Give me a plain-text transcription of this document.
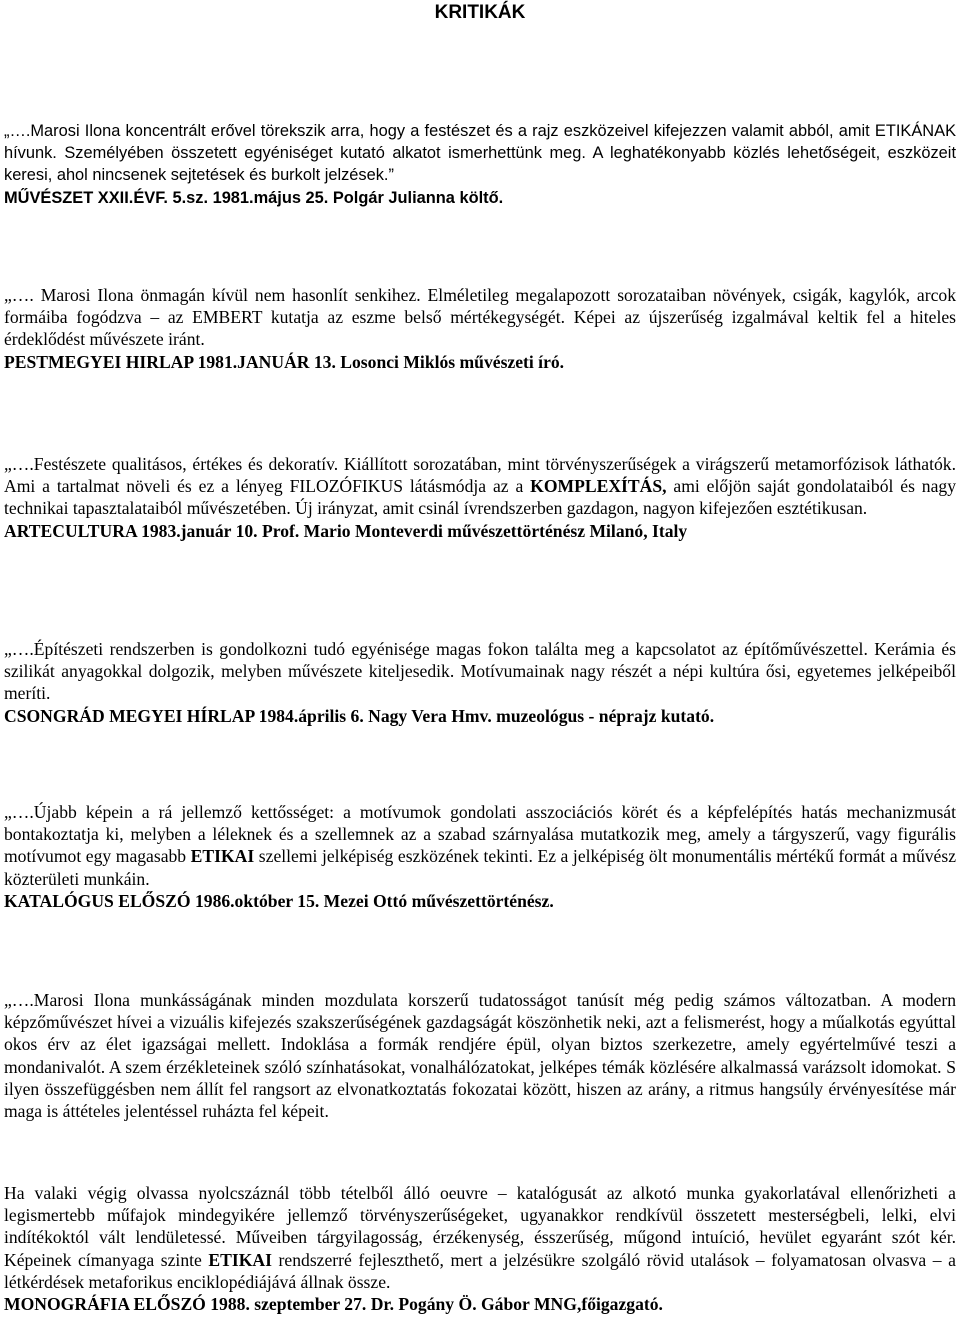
KRITIKÁK

„….Marosi Ilona koncentrált erővel törekszik arra, hogy a festészet és a rajz eszközeivel kifejezzen valamit abból, amit ETIKÁNAK hívunk. Személyében összetett egyéniséget kutató alkatot ismerhettünk meg. A leghatékonyabb közlés lehetőségeit, eszközeit keresi, ahol nincsenek sejtetések és burkolt jelzések.”

MŰVÉSZET XXII.ÉVF. 5.sz. 1981.május 25. Polgár Julianna költő.

„…. Marosi Ilona önmagán kívül nem hasonlít senkihez. Elméletileg megalapozott sorozataiban növények, csigák, kagylók, arcok formáiba fogódzva – az EMBERT kutatja az eszme belső mértékegységét. Képei az újszerűség izgalmával keltik fel a hiteles érdeklődést művészete iránt.

PESTMEGYEI HIRLAP 1981.JANUÁR 13. Losonci Miklós művészeti író.

„….Festészete qualitásos, értékes és dekoratív. Kiállított sorozatában, mint törvényszerűségek a virágszerű metamorfózisok láthatók. Ami a tartalmat növeli és ez a lényeg FILOZÓFIKUS látásmódja az a KOMPLEXÍTÁS, ami előjön saját gondolataiból és nagy technikai tapasztalataiból művészetében. Új irányzat, amit csinál ívrendszerben gazdagon, nagyon kifejezően esztétikusan.

ARTECULTURA 1983.január 10. Prof. Mario Monteverdi művészettörténész Milanó, Italy

„….Építészeti rendszerben is gondolkozni tudó egyénisége magas fokon találta meg a kapcsolatot az építőművészettel. Kerámia és szilikát anyagokkal dolgozik, melyben művészete kiteljesedik. Motívumainak nagy részét a népi kultúra ősi, egyetemes jelképeiből meríti.

CSONGRÁD MEGYEI HÍRLAP 1984.április 6. Nagy Vera Hmv. muzeológus - néprajz kutató.

„….Újabb képein a rá jellemző kettősséget: a motívumok gondolati asszociációs körét és a képfelépítés hatás mechanizmusát bontakoztatja ki, melyben a léleknek és a szellemnek az a szabad szárnyalása mutatkozik meg, amely a tárgyszerű, vagy figurális motívumot egy magasabb ETIKAI szellemi jelképiség eszközének tekinti. Ez a jelképiség ölt monumentális mértékű formát a művész közterületi munkáin.

KATALÓGUS ELŐSZÓ 1986.október 15. Mezei Ottó művészettörténész.

„….Marosi Ilona munkásságának minden mozdulata korszerű tudatosságot tanúsít még pedig számos változatban. A modern képzőművészet hívei a vizuális kifejezés szakszerűségének gazdagságát köszönhetik neki, azt a felismerést, hogy a műalkotás egyúttal okos érv az élet igazságai mellett. Indoklása a formák rendjére épül, olyan biztos szerkezetre, amely egyértelművé teszi a mondanivalót. A szem érzékleteinek szóló színhatásokat, vonalhálózatokat, jelképes témák közlésére alkalmassá varázsolt idomokat. S ilyen összefüggésben nem állít fel rangsort az elvonatkoztatás fokozatai között, hiszen az arány, a ritmus hangsúly érvényesítése már maga is áttételes jelentéssel ruházta fel képeit.

Ha valaki végig olvassa nyolcszáznál több tételből álló oeuvre – katalógusát az alkotó munka gyakorlatával ellenőrizheti a legismertebb műfajok mindegyikére jellemző törvényszerűségeket, ugyanakkor rendkívül összetett mesterségbeli, lelki, elvi indítékoktól vált lendületessé. Műveiben tárgyilagosság, érzékenység, ésszerűség, műgond intuíció, hevület egyaránt szót kér. Képeinek címanyaga szinte ETIKAI rendszerré fejleszthető, mert a jelzésükre szolgáló rövid utalások – folyamatosan olvasva – a létkérdések metaforikus enciklopédiájává állnak össze.

MONOGRÁFIA ELŐSZÓ 1988. szeptember 27. Dr. Pogány Ö. Gábor MNG,főigazgató.
